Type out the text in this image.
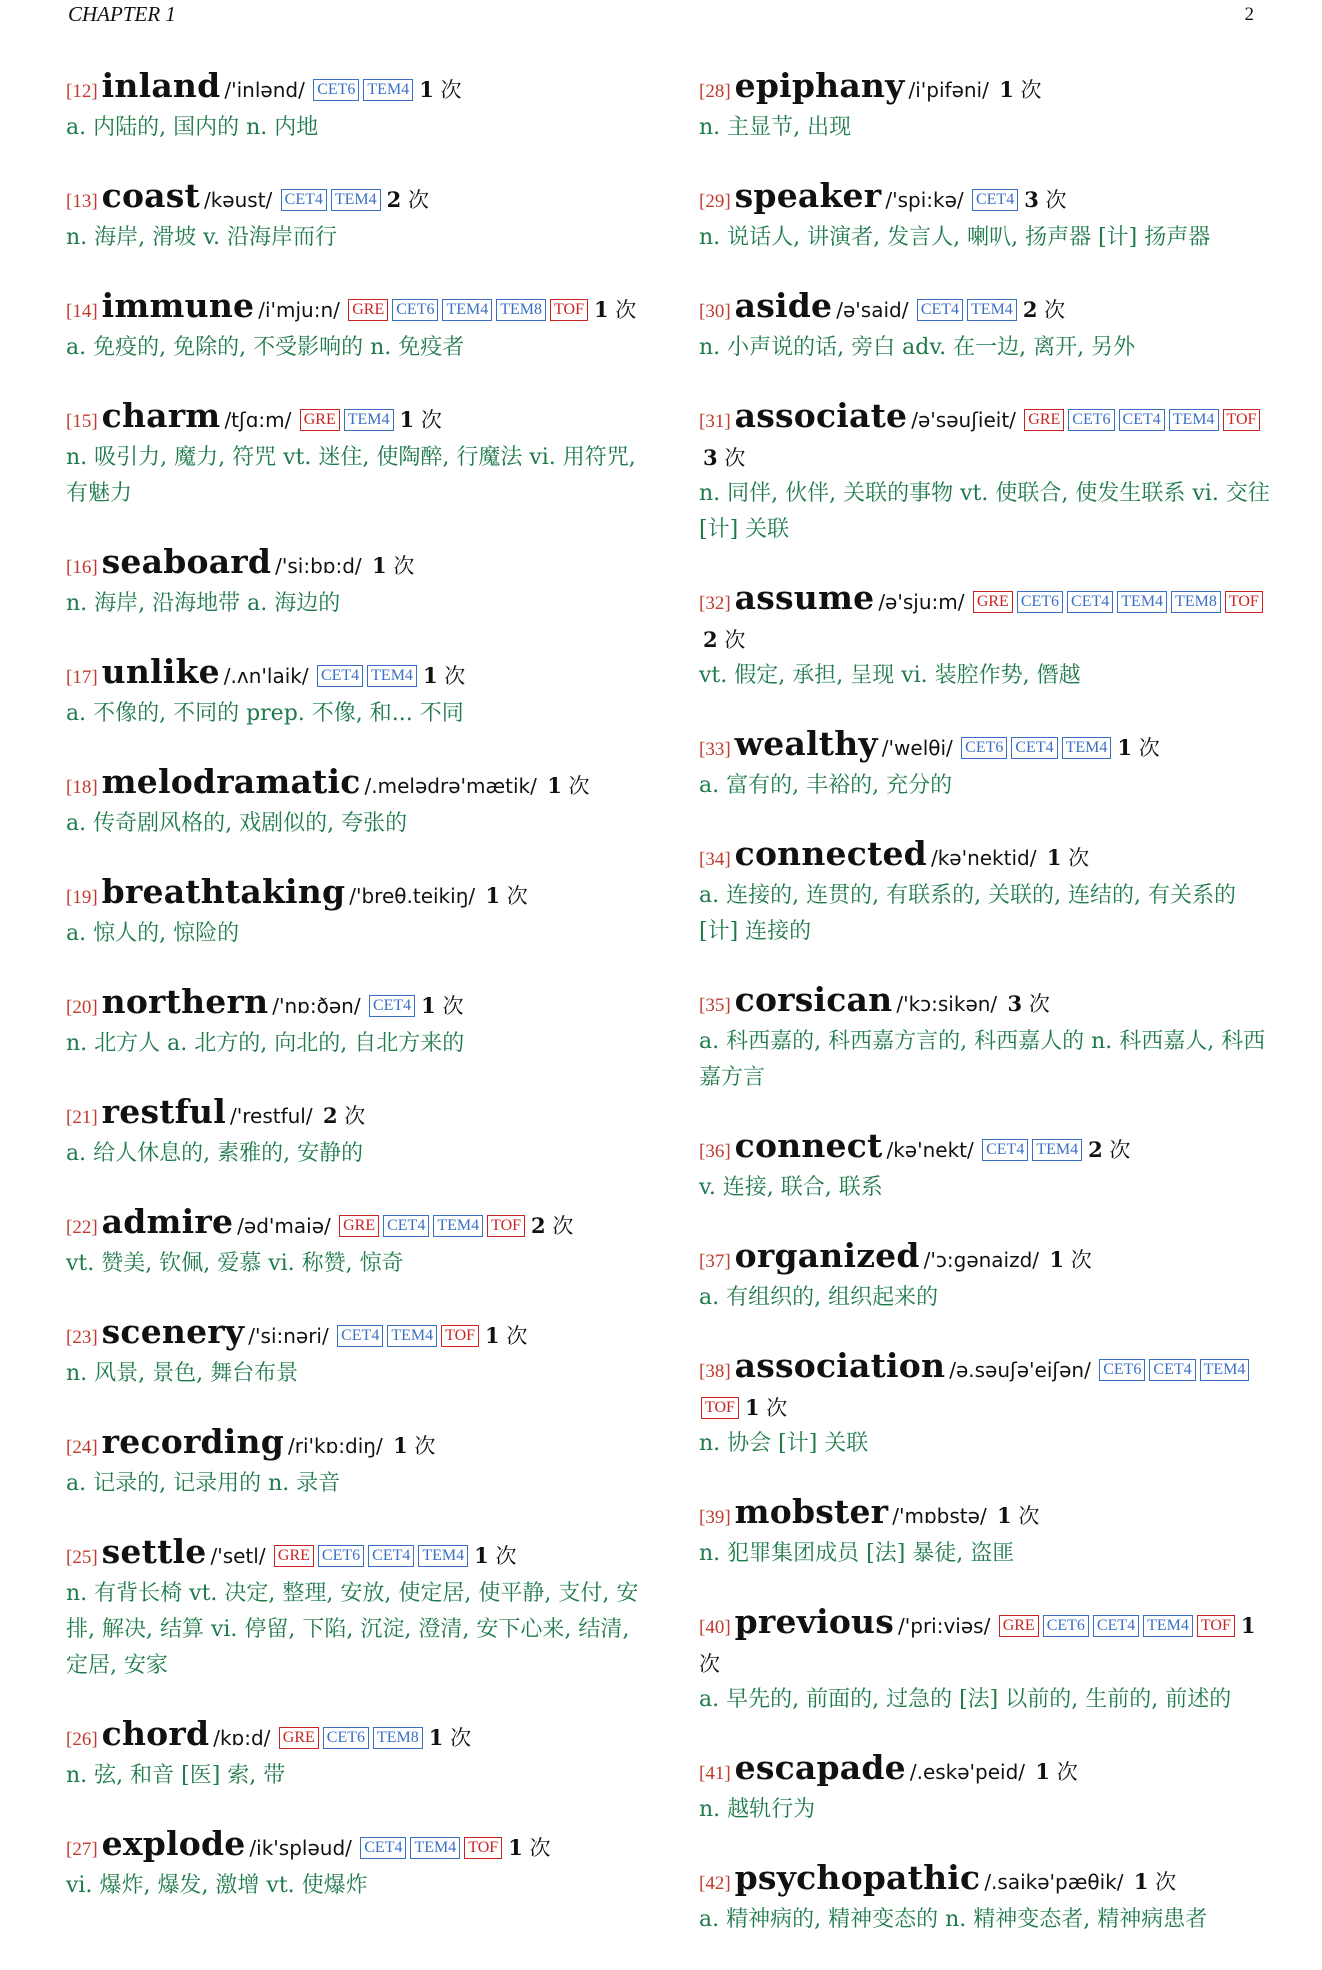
CHAPTER 1	2
[12] inland /'inlənd/ CET6 TEM4 1 次
a. 内陆的, 国内的 n. 内地
[13] coast /kəust/ CET4 TEM4 2 次
n. 海岸, 滑坡 v. 沿海岸而行
[14] immune /i'mju:n/ GRE CET6 TEM4 TEM8 TOF 1 次
a. 免疫的, 免除的, 不受影响的 n. 免疫者
[15] charm /tʃɑ:m/ GRE TEM4 1 次
n. 吸引力, 魔力, 符咒 vt. 迷住, 使陶醉, 行魔法 vi. 用符咒, 有魅力
[16] seaboard /'si:bɒ:d/ 1 次
n. 海岸, 沿海地带 a. 海边的
[17] unlike /.ʌn'laik/ CET4 TEM4 1 次
a. 不像的, 不同的 prep. 不像, 和... 不同
[18] melodramatic /.melədrə'mætik/ 1 次
a. 传奇剧风格的, 戏剧似的, 夸张的
[19] breathtaking /'breθ.teikiŋ/ 1 次
a. 惊人的, 惊险的
[20] northern /'nɒ:ðən/ CET4 1 次
n. 北方人 a. 北方的, 向北的, 自北方来的
[21] restful /'restful/ 2 次
a. 给人休息的, 素雅的, 安静的
[22] admire /əd'maiə/ GRE CET4 TEM4 TOF 2 次
vt. 赞美, 钦佩, 爱慕 vi. 称赞, 惊奇
[23] scenery /'si:nəri/ CET4 TEM4 TOF 1 次
n. 风景, 景色, 舞台布景
[24] recording /ri'kɒ:diŋ/ 1 次
a. 记录的, 记录用的 n. 录音
[25] settle /'setl/ GRE CET6 CET4 TEM4 1 次
n. 有背长椅 vt. 决定, 整理, 安放, 使定居, 使平静, 支付, 安排, 解决, 结算 vi. 停留, 下陷, 沉淀, 澄清, 安下心来, 结清, 定居, 安家
[26] chord /kɒ:d/ GRE CET6 TEM8 1 次
n. 弦, 和音 [医] 索, 带
[27] explode /ik'spləud/ CET4 TEM4 TOF 1 次
vi. 爆炸, 爆发, 激增 vt. 使爆炸
[28] epiphany /i'pifəni/ 1 次
n. 主显节, 出现
[29] speaker /'spi:kə/ CET4 3 次
n. 说话人, 讲演者, 发言人, 喇叭, 扬声器 [计] 扬声器
[30] aside /ə'said/ CET4 TEM4 2 次
n. 小声说的话, 旁白 adv. 在一边, 离开, 另外
[31] associate /ə'səuʃieit/ GRE CET6 CET4 TEM4 TOF3 次
n. 同伴, 伙伴, 关联的事物 vt. 使联合, 使发生联系 vi. 交往 [计] 关联
[32] assume /ə'sju:m/ GRE CET6 CET4 TEM4 TEM8 TOF2 次
vt. 假定, 承担, 呈现 vi. 装腔作势, 僭越
[33] wealthy /'welθi/ CET6 CET4 TEM4 1 次
a. 富有的, 丰裕的, 充分的
[34] connected /kə'nektid/ 1 次
a. 连接的, 连贯的, 有联系的, 关联的, 连结的, 有关系的 [计] 连接的
[35] corsican /'kɔ:sikən/ 3 次
a. 科西嘉的, 科西嘉方言的, 科西嘉人的 n. 科西嘉人, 科西嘉方言
[36] connect /kə'nekt/ CET4 TEM4 2 次
v. 连接, 联合, 联系
[37] organized /'ɔ:gənaizd/ 1 次
a. 有组织的, 组织起来的
[38] association /ə.səuʃə'eiʃən/ CET6 CET4 TEM4TOF 1 次
n. 协会 [计] 关联
[39] mobster /'mɒbstə/ 1 次
n. 犯罪集团成员 [法] 暴徒, 盗匪
[40] previous /'pri:viəs/ GRE CET6 CET4 TEM4 TOF 1 次
a. 早先的, 前面的, 过急的 [法] 以前的, 生前的, 前述的
[41] escapade /.eskə'peid/ 1 次
n. 越轨行为
[42] psychopathic /.saikə'pæθik/ 1 次
a. 精神病的, 精神变态的 n. 精神变态者, 精神病患者
